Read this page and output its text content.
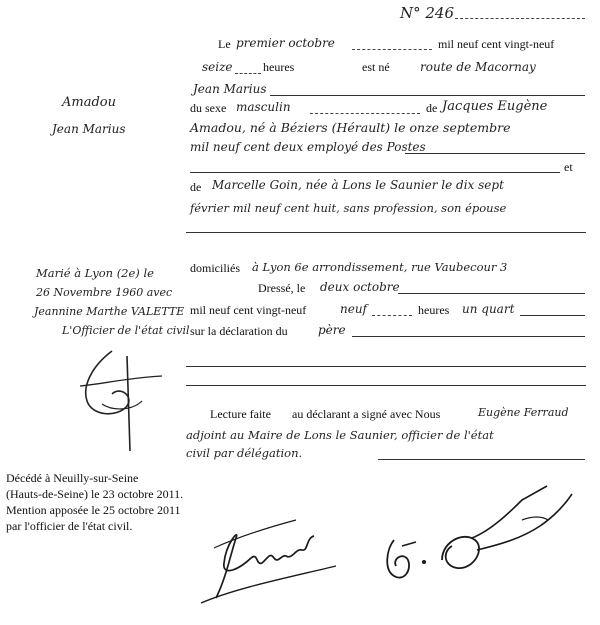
N° 246
Amadou
Jean Marius
Le premier octobre	mil neuf cent vingt-neuf
seize	heures	est né	route de Macornay
Jean Marius
du sexe masculin	de Jacques Eugène
Amadou, né à Béziers (Hérault) le onze septembre
mil neuf cent deux employé des Postes
et
de Marcelle Goin, née à Lons le Saunier le dix sept
février mil neuf cent huit, sans profession, son épouse
domiciliés à Lyon 6e arrondissement, rue Vaubecour 3
Dressé, le deux octobre
mil neuf cent vingt-neuf	neuf	heures un quart
sur la déclaration du	père
Lecture faite au déclarant a signé avec Nous	Eugène Ferraud
adjoint au Maire de Lons le Saunier, officier de l'état
civil par délégation.
Marié à Lyon (2e) le
26 Novembre 1960 avec
Jeannine Marthe VALETTE
L'Officier de l'état civil
Décédé à Neuilly-sur-Seine
(Hauts-de-Seine) le 23 octobre 2011.
Mention apposée le 25 octobre 2011
par l'officier de l'état civil.
